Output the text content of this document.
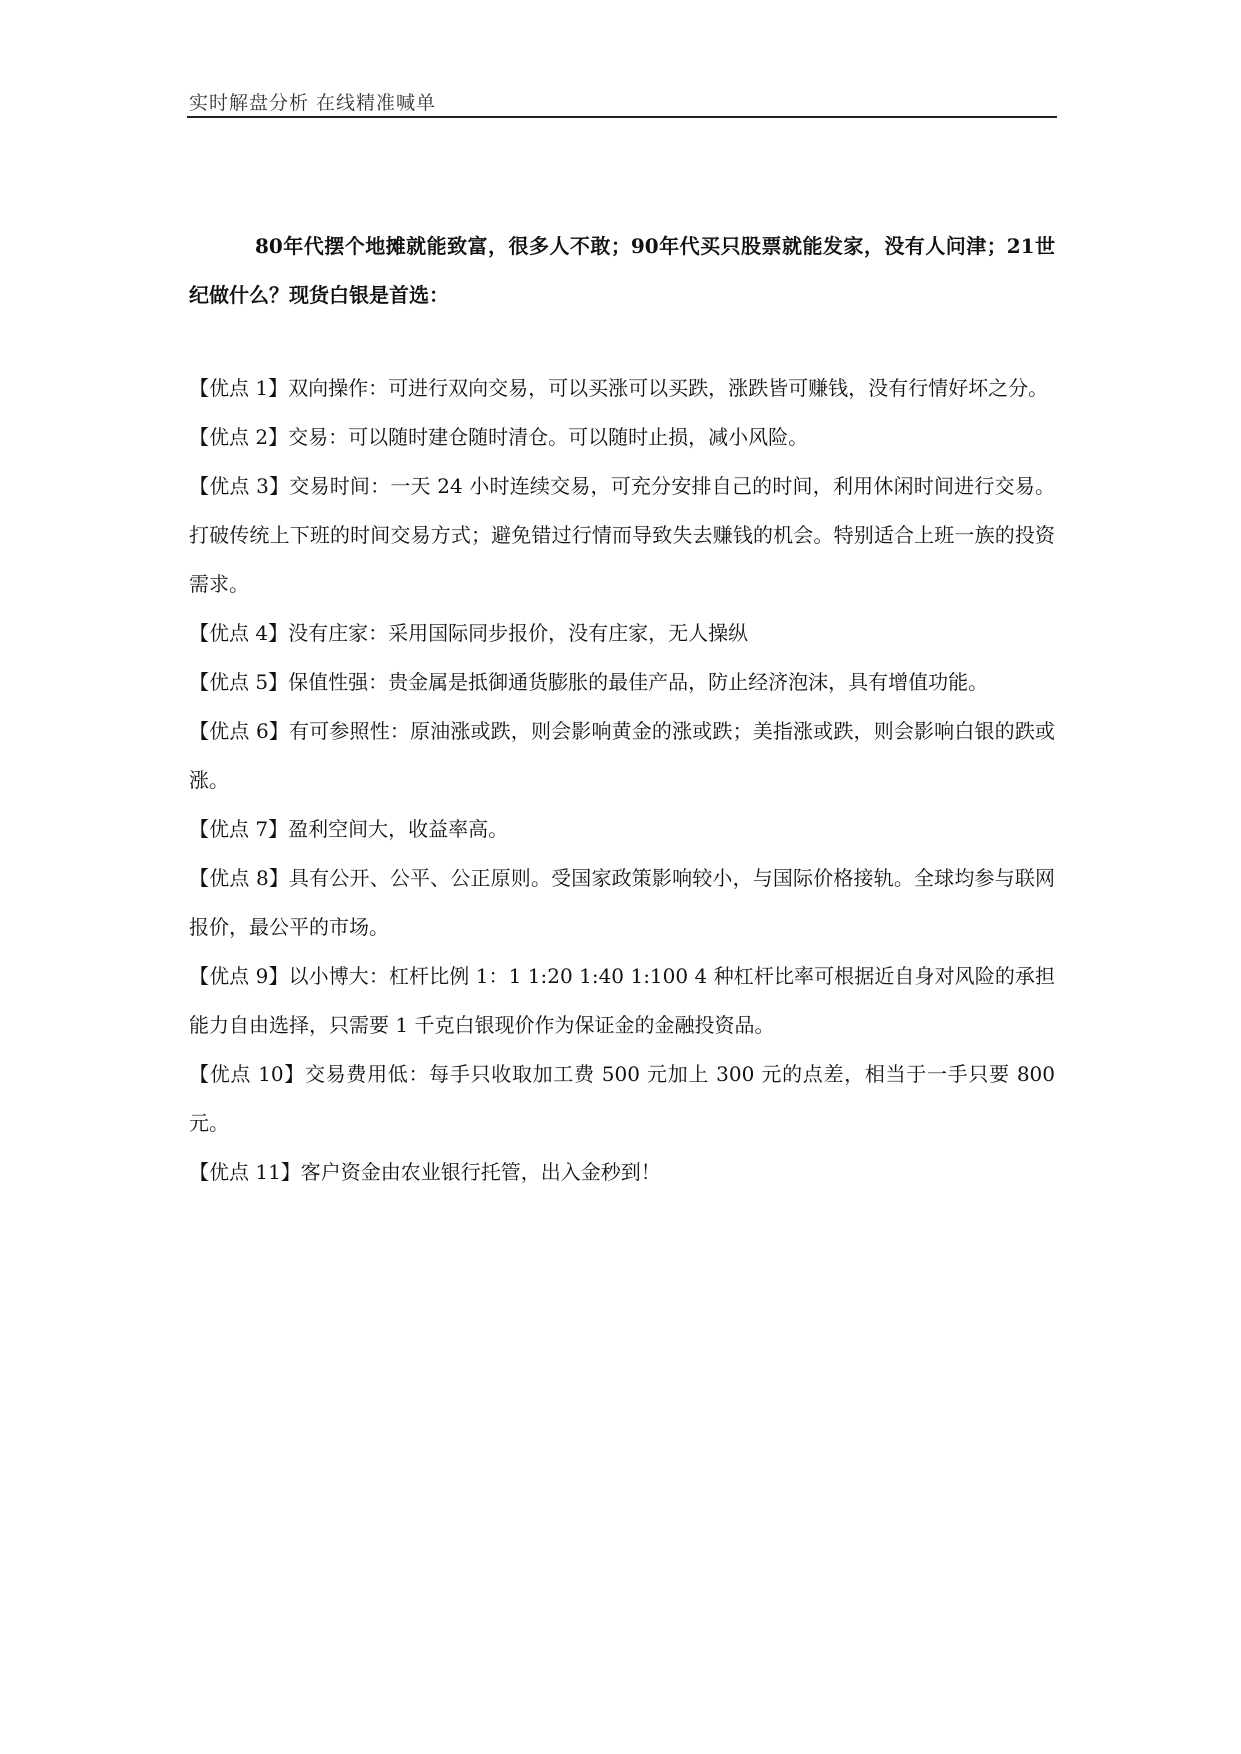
实时解盘分析 在线精准喊单

80年代摆个地摊就能致富，很多人不敢；90年代买只股票就能发家，没有人问津；21世纪做什么？现货白银是首选：

【优点 1】双向操作：可进行双向交易，可以买涨可以买跌，涨跌皆可赚钱，没有行情好坏之分。
【优点 2】交易：可以随时建仓随时清仓。可以随时止损，减小风险。
【优点 3】交易时间：一天 24 小时连续交易，可充分安排自己的时间，利用休闲时间进行交易。打破传统上下班的时间交易方式；避免错过行情而导致失去赚钱的机会。特别适合上班一族的投资需求。
【优点 4】没有庄家：采用国际同步报价，没有庄家，无人操纵
【优点 5】保值性强：贵金属是抵御通货膨胀的最佳产品，防止经济泡沫，具有增值功能。
【优点 6】有可参照性：原油涨或跌，则会影响黄金的涨或跌；美指涨或跌，则会影响白银的跌或涨。
【优点 7】盈利空间大，收益率高。
【优点 8】具有公开、公平、公正原则。受国家政策影响较小，与国际价格接轨。全球均参与联网报价，最公平的市场。
【优点 9】以小博大：杠杆比例 1：1 1:20 1:40 1:100 4 种杠杆比率可根据近自身对风险的承担能力自由选择，只需要 1 千克白银现价作为保证金的金融投资品。
【优点 10】交易费用低：每手只收取加工费 500 元加上 300 元的点差，相当于一手只要 800 元。
【优点 11】客户资金由农业银行托管，出入金秒到！
